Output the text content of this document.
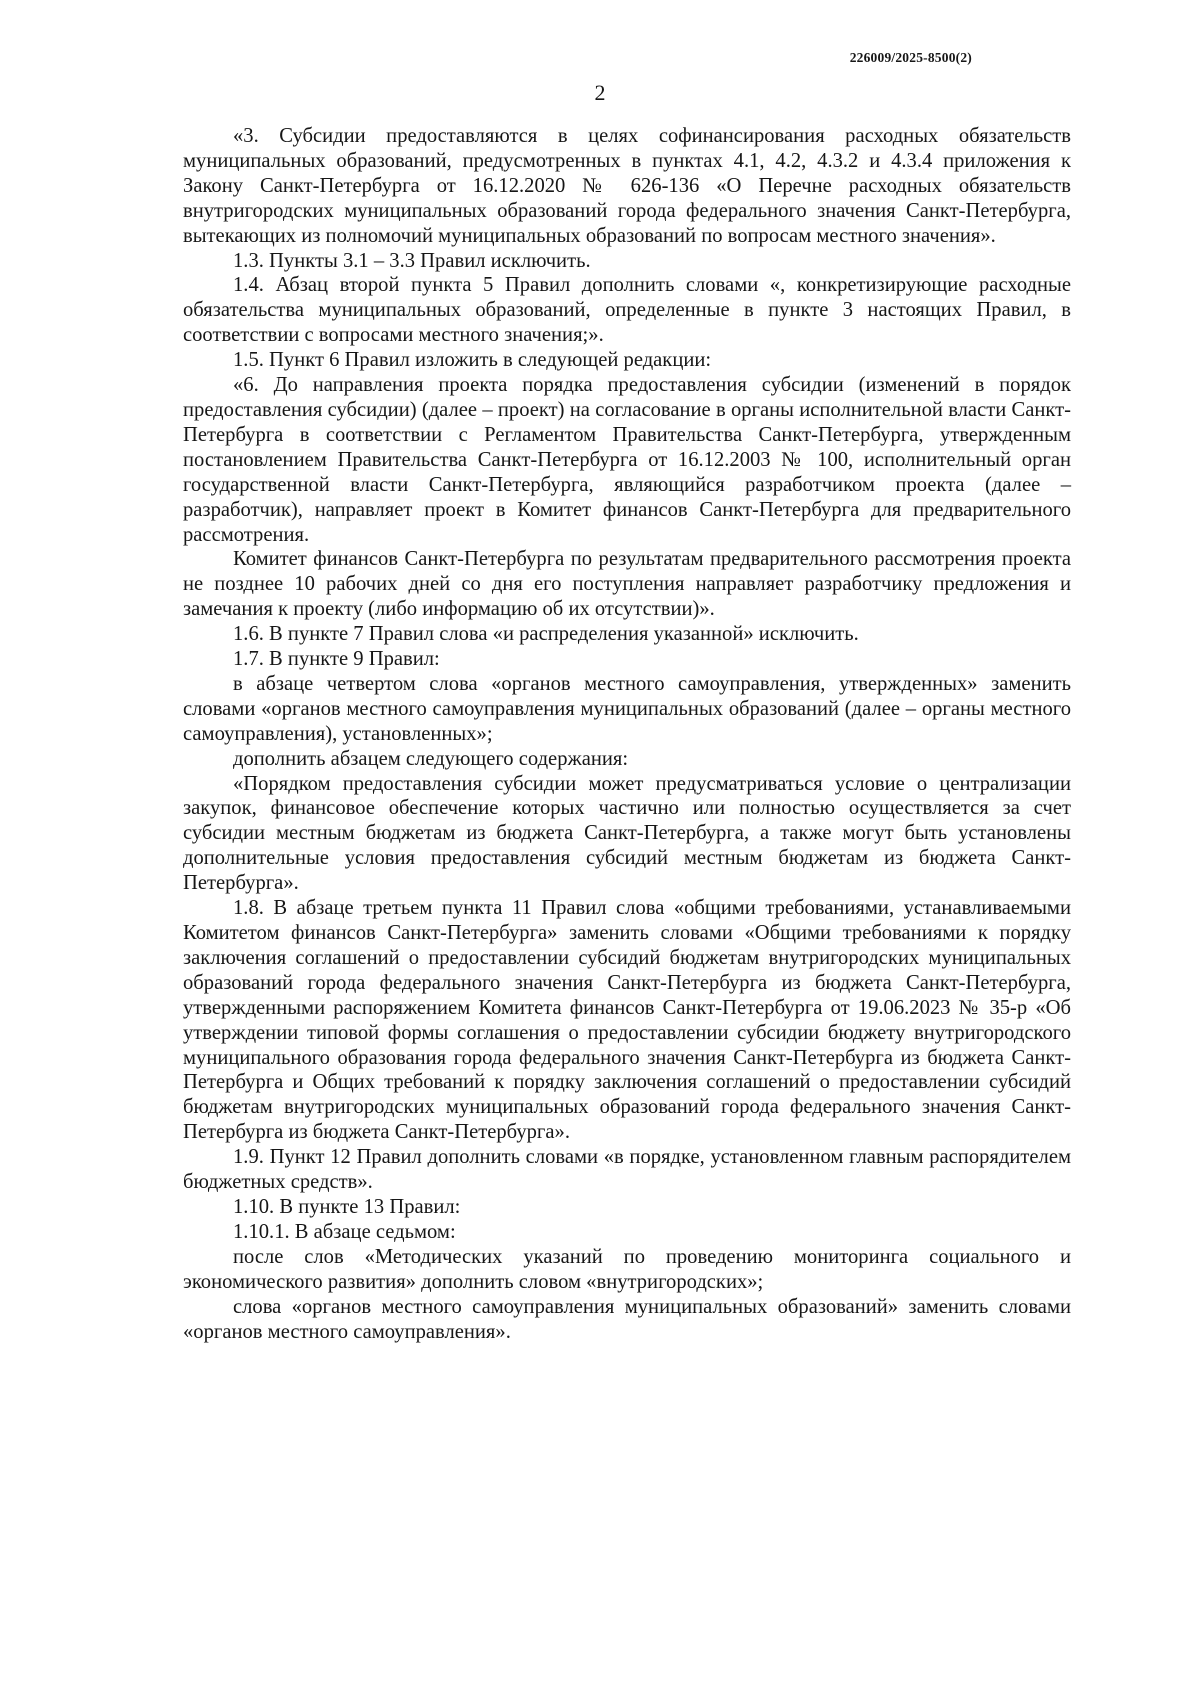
226009/2025-8500(2)
2

«3. Субсидии предоставляются в целях софинансирования расходных обязательств муниципальных образований, предусмотренных в пунктах 4.1, 4.2, 4.3.2 и 4.3.4 приложения к Закону Санкт-Петербурга от 16.12.2020 № 626-136 «О Перечне расходных обязательств внутригородских муниципальных образований города федерального значения Санкт-Петербурга, вытекающих из полномочий муниципальных образований по вопросам местного значения».

1.3. Пункты 3.1 – 3.3 Правил исключить.

1.4. Абзац второй пункта 5 Правил дополнить словами «, конкретизирующие расходные обязательства муниципальных образований, определенные в пункте 3 настоящих Правил, в соответствии с вопросами местного значения;».

1.5. Пункт 6 Правил изложить в следующей редакции:

«6. До направления проекта порядка предоставления субсидии (изменений в порядок предоставления субсидии) (далее – проект) на согласование в органы исполнительной власти Санкт-Петербурга в соответствии с Регламентом Правительства Санкт-Петербурга, утвержденным постановлением Правительства Санкт-Петербурга от 16.12.2003 № 100, исполнительный орган государственной власти Санкт-Петербурга, являющийся разработчиком проекта (далее – разработчик), направляет проект в Комитет финансов Санкт-Петербурга для предварительного рассмотрения.

Комитет финансов Санкт-Петербурга по результатам предварительного рассмотрения проекта не позднее 10 рабочих дней со дня его поступления направляет разработчику предложения и замечания к проекту (либо информацию об их отсутствии)».

1.6. В пункте 7 Правил слова «и распределения указанной» исключить.

1.7. В пункте 9 Правил:

в абзаце четвертом слова «органов местного самоуправления, утвержденных» заменить словами «органов местного самоуправления муниципальных образований (далее – органы местного самоуправления), установленных»;

дополнить абзацем следующего содержания:

«Порядком предоставления субсидии может предусматриваться условие о централизации закупок, финансовое обеспечение которых частично или полностью осуществляется за счет субсидии местным бюджетам из бюджета Санкт-Петербурга, а также могут быть установлены дополнительные условия предоставления субсидий местным бюджетам из бюджета Санкт-Петербурга».

1.8. В абзаце третьем пункта 11 Правил слова «общими требованиями, устанавливаемыми Комитетом финансов Санкт-Петербурга» заменить словами «Общими требованиями к порядку заключения соглашений о предоставлении субсидий бюджетам внутригородских муниципальных образований города федерального значения Санкт-Петербурга из бюджета Санкт-Петербурга, утвержденными распоряжением Комитета финансов Санкт-Петербурга от 19.06.2023 № 35-р «Об утверждении типовой формы соглашения о предоставлении субсидии бюджету внутригородского муниципального образования города федерального значения Санкт-Петербурга из бюджета Санкт-Петербурга и Общих требований к порядку заключения соглашений о предоставлении субсидий бюджетам внутригородских муниципальных образований города федерального значения Санкт-Петербурга из бюджета Санкт-Петербурга».

1.9. Пункт 12 Правил дополнить словами «в порядке, установленном главным распорядителем бюджетных средств».

1.10. В пункте 13 Правил:

1.10.1. В абзаце седьмом:

после слов «Методических указаний по проведению мониторинга социального и экономического развития» дополнить словом «внутригородских»;

слова «органов местного самоуправления муниципальных образований» заменить словами «органов местного самоуправления».
